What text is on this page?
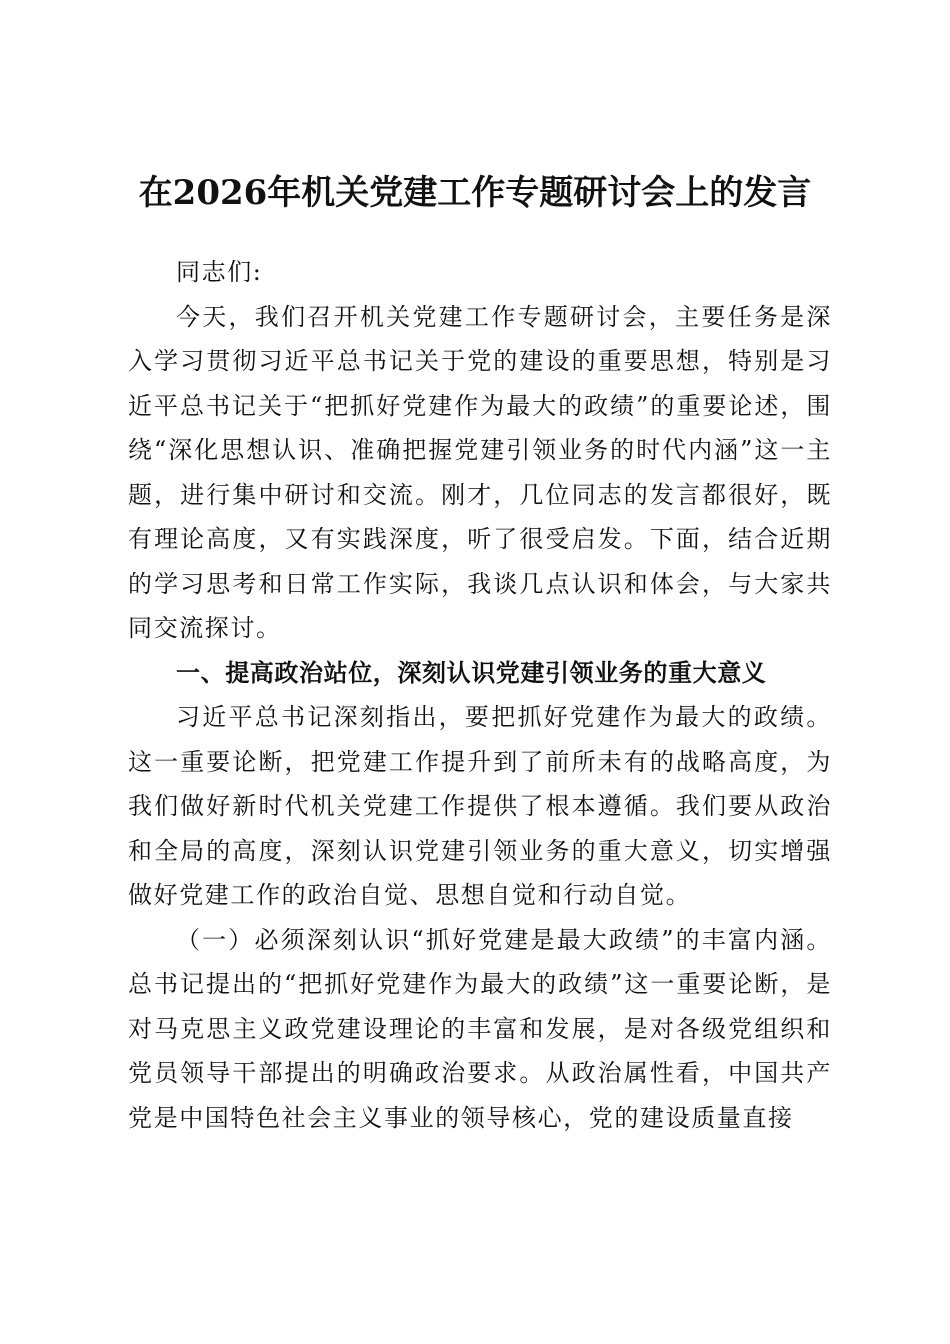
在2026年机关党建工作专题研讨会上的发言

同志们:

今天，我们召开机关党建工作专题研讨会，主要任务是深入学习贯彻习近平总书记关于党的建设的重要思想，特别是习近平总书记关于“把抓好党建作为最大的政绩”的重要论述，围绕“深化思想认识、准确把握党建引领业务的时代内涵”这一主题，进行集中研讨和交流。刚才，几位同志的发言都很好，既有理论高度，又有实践深度，听了很受启发。下面，结合近期的学习思考和日常工作实际，我谈几点认识和体会，与大家共同交流探讨。

一、提高政治站位，深刻认识党建引领业务的重大意义

习近平总书记深刻指出，要把抓好党建作为最大的政绩。这一重要论断，把党建工作提升到了前所未有的战略高度，为我们做好新时代机关党建工作提供了根本遵循。我们要从政治和全局的高度，深刻认识党建引领业务的重大意义，切实增强做好党建工作的政治自觉、思想自觉和行动自觉。

（一）必须深刻认识“抓好党建是最大政绩”的丰富内涵。总书记提出的“把抓好党建作为最大的政绩”这一重要论断，是对马克思主义政党建设理论的丰富和发展，是对各级党组织和党员领导干部提出的明确政治要求。从政治属性看，中国共产党是中国特色社会主义事业的领导核心，党的建设质量直接
